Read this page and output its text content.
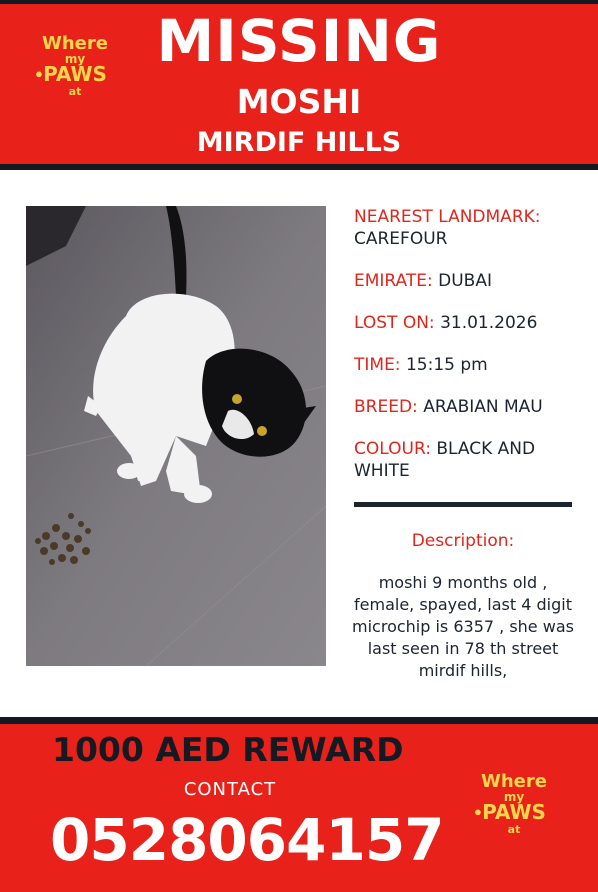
Where
my
PAWS
at
●	MISSING
MOSHI
MIRDIF HILLS
NEAREST LANDMARK:
CAREFOUR
EMIRATE: DUBAI
LOST ON: 31.01.2026
TIME: 15:15 pm
BREED: ARABIAN MAU
COLOUR: BLACK AND WHITE
Description:
moshi 9 months old , female, spayed, last 4 digit microchip is 6357 , she was last seen in 78 th street mirdif hills,
1000 AED REWARD
CONTACT
0528064157
Where
my
PAWS
at
●
